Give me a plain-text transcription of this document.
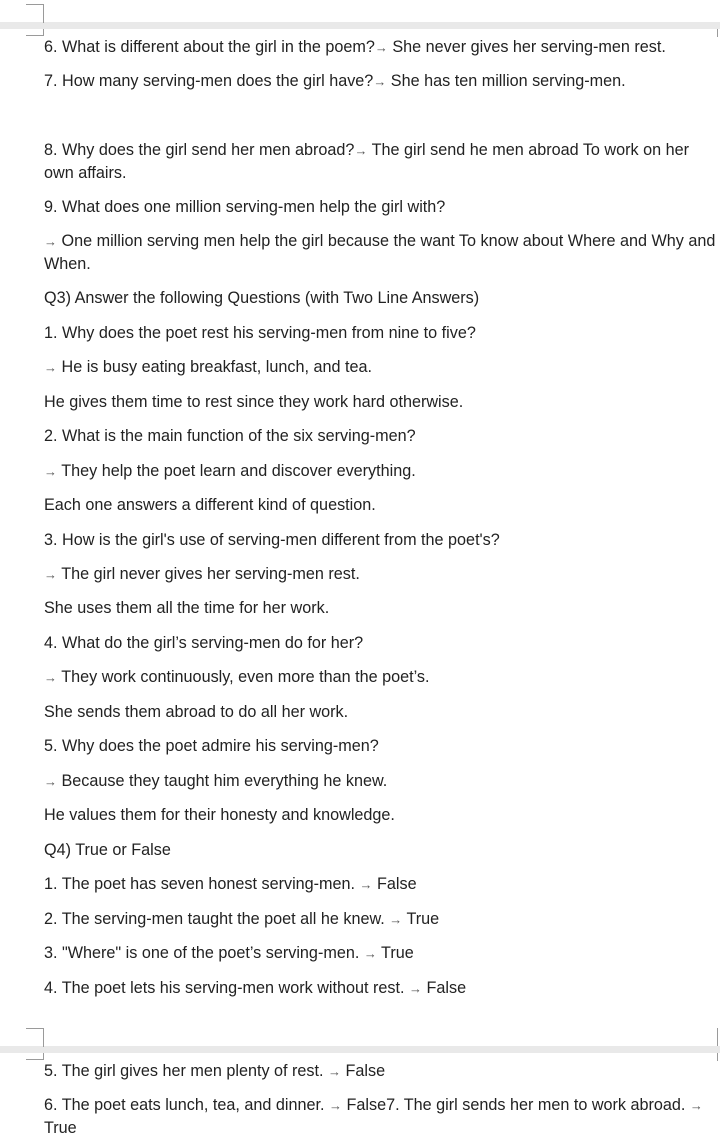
6. What is different about the girl in the poem?→ She never gives her serving-men rest.
7. How many serving-men does the girl have?→ She has ten million serving-men.
8. Why does the girl send her men abroad?→ The girl send he men abroad To work on her own affairs.
9. What does one million serving-men help the girl with?
→ One million serving men help the girl because the want To know about Where and Why and When.
Q3) Answer the following Questions (with Two Line Answers)
1. Why does the poet rest his serving-men from nine to five?
→ He is busy eating breakfast, lunch, and tea.
He gives them time to rest since they work hard otherwise.
2. What is the main function of the six serving-men?
→ They help the poet learn and discover everything.
Each one answers a different kind of question.
3. How is the girl's use of serving-men different from the poet's?
→ The girl never gives her serving-men rest.
She uses them all the time for her work.
4. What do the girl’s serving-men do for her?
→ They work continuously, even more than the poet’s.
She sends them abroad to do all her work.
5. Why does the poet admire his serving-men?
→ Because they taught him everything he knew.
He values them for their honesty and knowledge.
Q4) True or False
1. The poet has seven honest serving-men. → False
2. The serving-men taught the poet all he knew. → True
3. "Where" is one of the poet’s serving-men. → True
4. The poet lets his serving-men work without rest. → False
5. The girl gives her men plenty of rest. → False
6. The poet eats lunch, tea, and dinner. → False7. The girl sends her men to work abroad. → True
